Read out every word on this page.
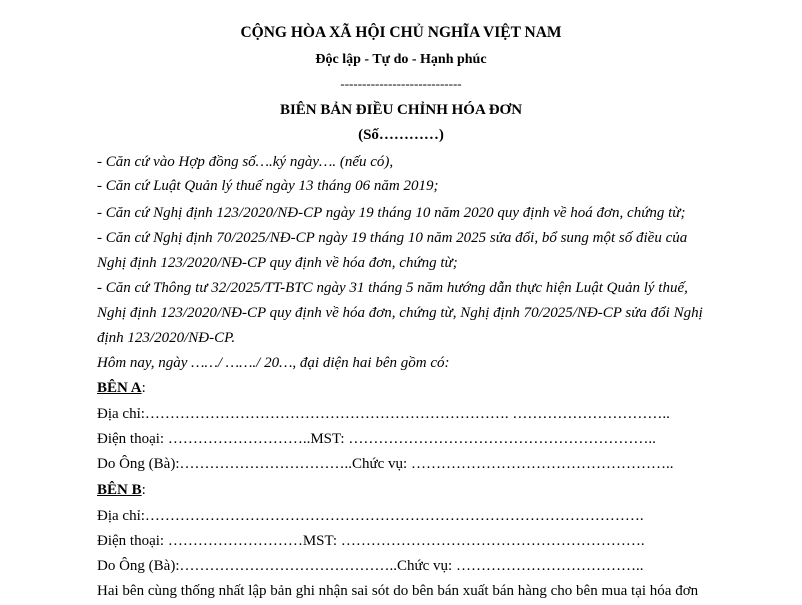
CỘNG HÒA XÃ HỘI CHỦ NGHĨA VIỆT NAM
Độc lập - Tự do - Hạnh phúc
----------------------------
BIÊN BẢN ĐIỀU CHỈNH HÓA ĐƠN
(Số…………)
- Căn cứ vào Hợp đồng số….ký ngày…. (nếu có),
- Căn cứ Luật Quản lý thuế ngày 13 tháng 06 năm 2019;
- Căn cứ Nghị định 123/2020/NĐ-CP ngày 19 tháng 10 năm 2020 quy định về hoá đơn, chứng từ;
- Căn cứ Nghị định 70/2025/NĐ-CP ngày 19 tháng 10 năm 2025 sửa đổi, bổ sung một số điều của
Nghị định 123/2020/NĐ-CP quy định về hóa đơn, chứng từ;
- Căn cứ Thông tư 32/2025/TT-BTC ngày 31 tháng 5 năm hướng dẫn thực hiện Luật Quản lý thuế,
Nghị định 123/2020/NĐ-CP quy định về hóa đơn, chứng từ, Nghị định 70/2025/NĐ-CP sửa đổi Nghị
định 123/2020/NĐ-CP.
Hôm nay, ngày ……/ ……./ 20…, đại diện hai bên gồm có:
BÊN A:
Địa chỉ:………………………………………………………………. …………………………..
Điện thoại: ………………………..MST: ……………………………………………………..
Do Ông (Bà):……………………………..Chức vụ: ……………………………………………..
BÊN B:
Địa chỉ:……………………………………………………………………………………….
Điện thoại: ………………………MST: …………………………………………………….
Do Ông (Bà):……………………………………..Chức vụ: ………………………………..
Hai bên cùng thống nhất lập bản ghi nhận sai sót do bên bán xuất bán hàng cho bên mua tại hóa đơn
